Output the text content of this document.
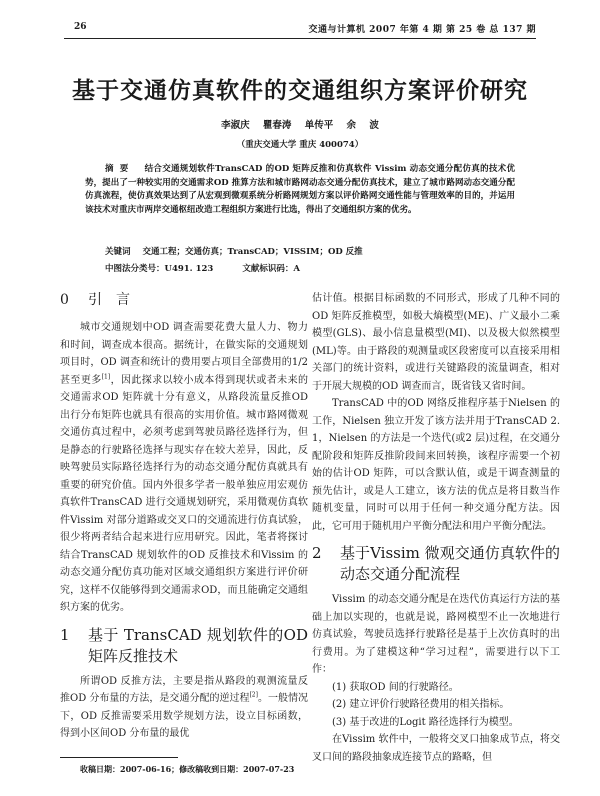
26	交通与计算机 2007 年第 4 期 第 25 卷 总 137 期
基于交通仿真软件的交通组织方案评价研究
李淑庆 瞿春涛 单传平 余 波
（重庆交通大学 重庆 400074）
摘要 结合交通规划软件TransCAD 的OD 矩阵反推和仿真软件 Vissim 动态交通分配仿真的技术优势，提出了一种较实用的交通需求OD 推算方法和城市路网动态交通分配仿真技术，建立了城市路网动态交通分配仿真流程，使仿真效果达到了从宏观到微观系统分析路网规划方案以评价路网交通性能与管理效率的目的，并运用该技术对重庆市两岸交通枢纽改造工程组织方案进行比选，得出了交通组织方案的优劣。
关键词 交通工程；交通仿真；TransCAD；VISSIM；OD 反推
中图法分类号：U491. 123	文献标识码：A
0	引言

城市交通规划中OD 调查需要花费大量人力、物力和时间，调查成本很高。据统计，在做实际的交通规划项目时，OD 调查和统计的费用要占项目全部费用的1/2 甚至更多[1]，因此探求以较小成本得到现状或者未来的交通需求OD 矩阵就十分有意义，从路段流量反推OD 出行分布矩阵也就具有很高的实用价值。城市路网微观交通仿真过程中，必须考虑到驾驶员路径选择行为，但是静态的行驶路径选择与现实存在较大差异，因此，反映驾驶员实际路径选择行为的动态交通分配仿真就具有重要的研究价值。国内外很多学者一般单独应用宏观仿真软件TransCAD 进行交通规划研究，采用微观仿真软件Vissim 对部分道路或交叉口的交通流进行仿真试验，很少将两者结合起来进行应用研究。因此，笔者将探讨结合TransCAD 规划软件的OD 反推技术和Vissim 的动态交通分配仿真功能对区域交通组织方案进行评价研究，这样不仅能够得到交通需求OD，而且能确定交通组织方案的优劣。

1	基于 TransCAD 规划软件的OD 矩阵反推技术

所谓OD 反推方法，主要是指从路段的观测流量反推OD 分布量的方法，是交通分配的逆过程[2]。一般情况下，OD 反推需要采用数学规划方法，设立目标函数，得到小区间OD 分布量的最优

估计值。根据目标函数的不同形式，形成了几种不同的OD 矩阵反推模型，如极大熵模型(ME)、广义最小二乘模型(GLS)、最小信息量模型(MI)、以及极大似然模型(ML)等。由于路段的观测量或区段密度可以直接采用相关部门的统计资料，或进行关键路段的流量调查，相对于开展大规模的OD 调查而言，既省钱又省时间。

TransCAD 中的OD 网络反推程序基于Nielsen 的工作，Nielsen 独立开发了该方法并用于TransCAD 2. 1，Nielsen 的方法是一个迭代(或2 层)过程，在交通分配阶段和矩阵反推阶段间来回转换，该程序需要一个初始的估计OD 矩阵，可以含默认值，或是干调查测量的预先估计，或是人工建立，该方法的优点是将目数当作随机变量，同时可以用于任何一种交通分配方法。因此，它可用于随机用户平衡分配法和用户平衡分配法。

2	基于Vissim 微观交通仿真软件的动态交通分配流程

Vissim 的动态交通分配是在迭代仿真运行方法的基础上加以实现的，也就是说，路网模型不止一次地进行仿真试验，驾驶员选择行驶路径是基于上次仿真时的出行费用。为了建模这种“学习过程”，需要进行以下工作：

(1) 获取OD 间的行驶路径。

(2) 建立评价行驶路径费用的相关指标。

(3) 基于改进的Logit 路径选择行为模型。

在Vissim 软件中，一般将交叉口抽象成节点，将交叉口间的路段抽象成连接节点的路略，但

收稿日期：2007-06-16；修改稿收到日期：2007-07-23
